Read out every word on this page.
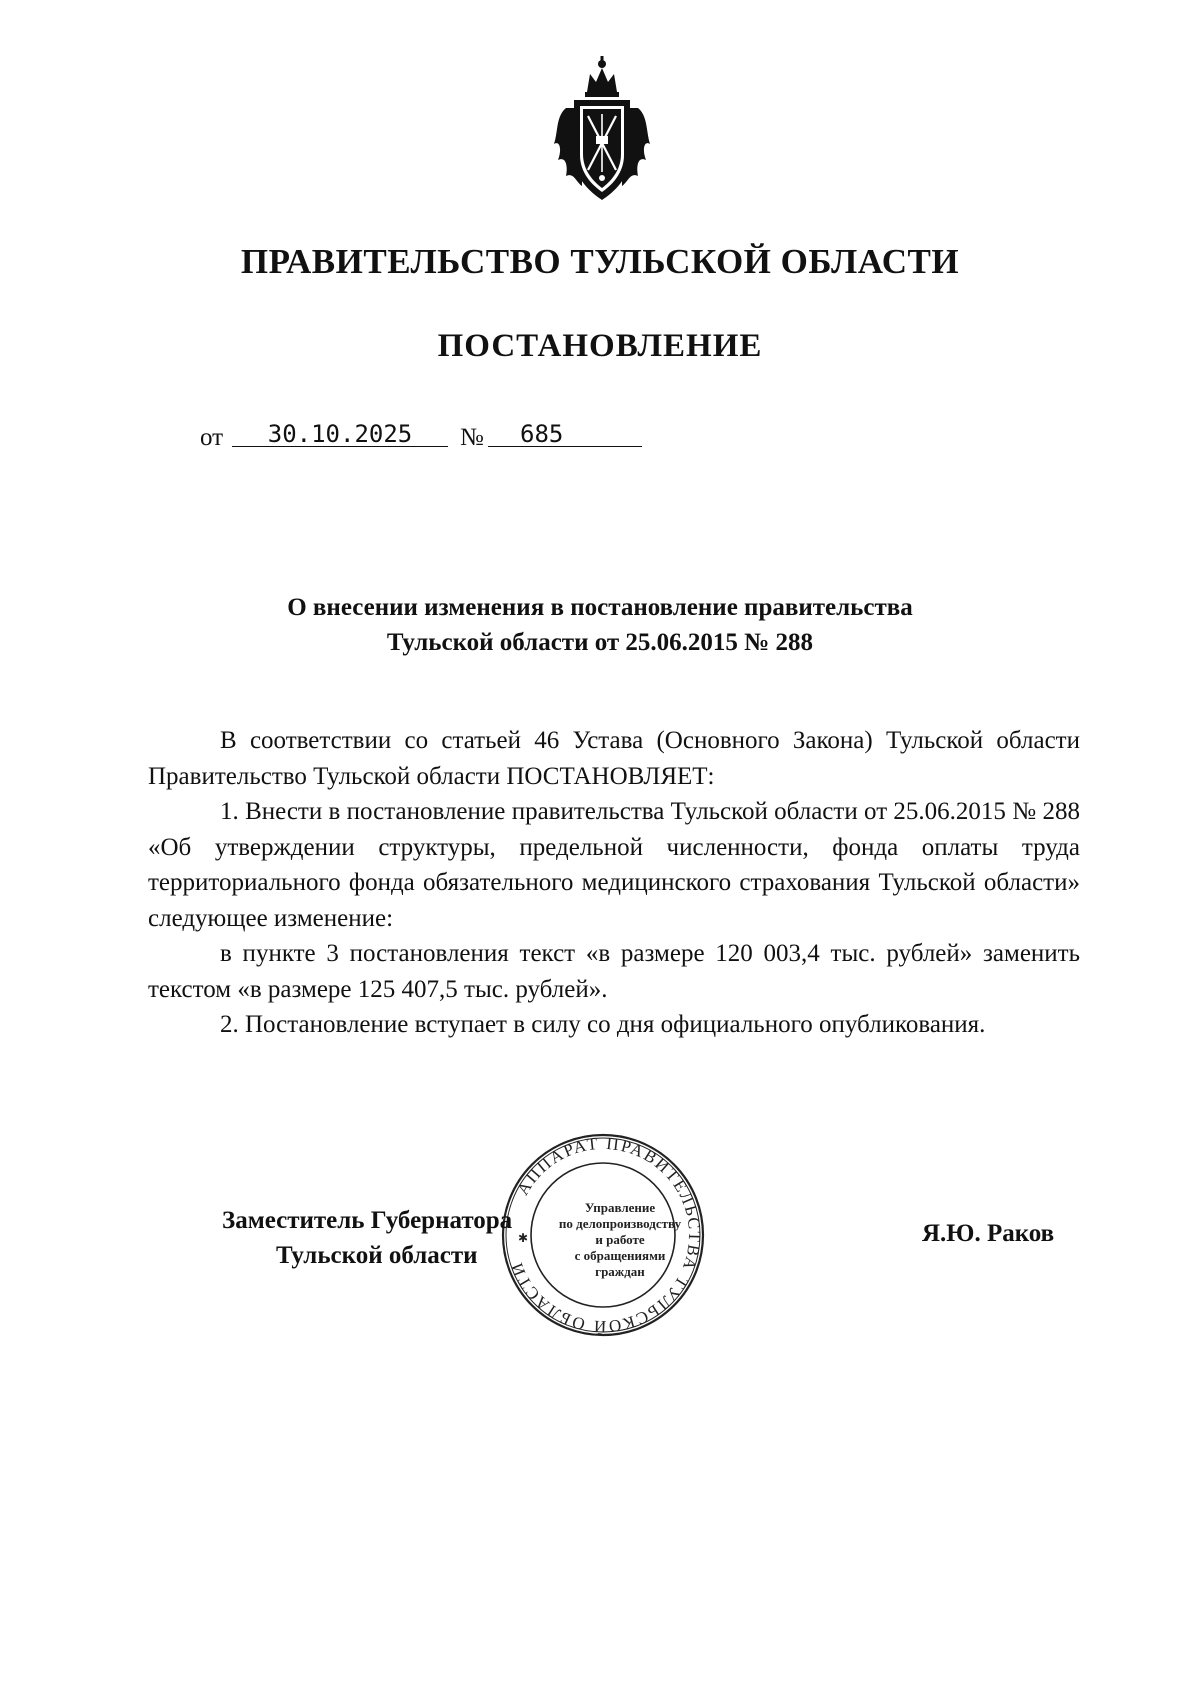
ПРАВИТЕЛЬСТВО ТУЛЬСКОЙ ОБЛАСТИ
ПОСТАНОВЛЕНИЕ
от	30.10.2025	№	685
О внесении изменения в постановление правительства
Тульской области от 25.06.2015 № 288

В соответствии со статьей 46 Устава (Основного Закона) Тульской области Правительство Тульской области ПОСТАНОВЛЯЕТ:

1. Внести в постановление правительства Тульской области от 25.06.2015 № 288 «Об утверждении структуры, предельной численности, фонда оплаты труда территориального фонда обязательного медицинского страхования Тульской области» следующее изменение:

в пункте 3 постановления текст «в размере 120 003,4 тыс. рублей» заменить текстом «в размере 125 407,5 тыс. рублей».

2. Постановление вступает в силу со дня официального опубликования.

АППАРАТ ПРАВИТЕЛЬСТВА ТУЛЬСКОЙ ОБЛАСТИ
✱
Управление
по делопроизводству
и работе
с обращениями
граждан
Заместитель Губернатора
Тульской области
Я.Ю. Раков
